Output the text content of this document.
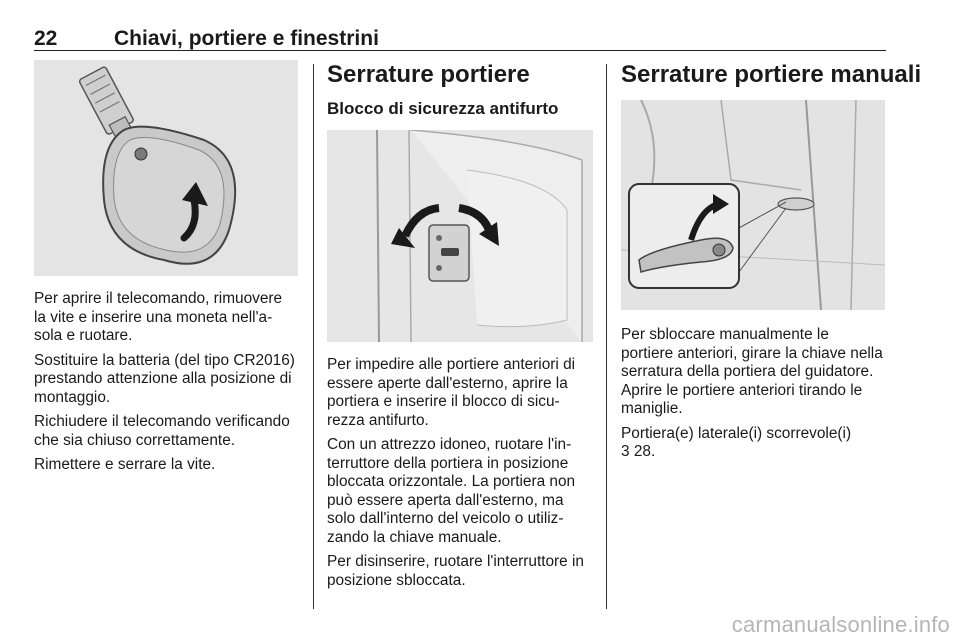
22	Chiavi, portiere e finestrini

Per aprire il telecomando, rimuovere la vite e inserire una moneta nell'a-sola e ruotare.

Sostituire la batteria (del tipo CR2016) prestando attenzione alla posizione di montaggio.

Richiudere il telecomando verificando che sia chiuso correttamente.

Rimettere e serrare la vite.

Serrature portiere
Blocco di sicurezza antifurto

Per impedire alle portiere anteriori di essere aperte dall'esterno, aprire la portiera e inserire il blocco di sicu-rezza antifurto.

Con un attrezzo idoneo, ruotare l'in-terruttore della portiera in posizione bloccata orizzontale. La portiera non può essere aperta dall'esterno, ma solo dall'interno del veicolo o utiliz-zando la chiave manuale.

Per disinserire, ruotare l'interruttore in posizione sbloccata.

Serrature portiere manuali

Per sbloccare manualmente le portiere anteriori, girare la chiave nella serratura della portiera del guidatore. Aprire le portiere anteriori tirando le maniglie.

Portiera(e) laterale(i) scorrevole(i)

3 28.

carmanualsonline.info
